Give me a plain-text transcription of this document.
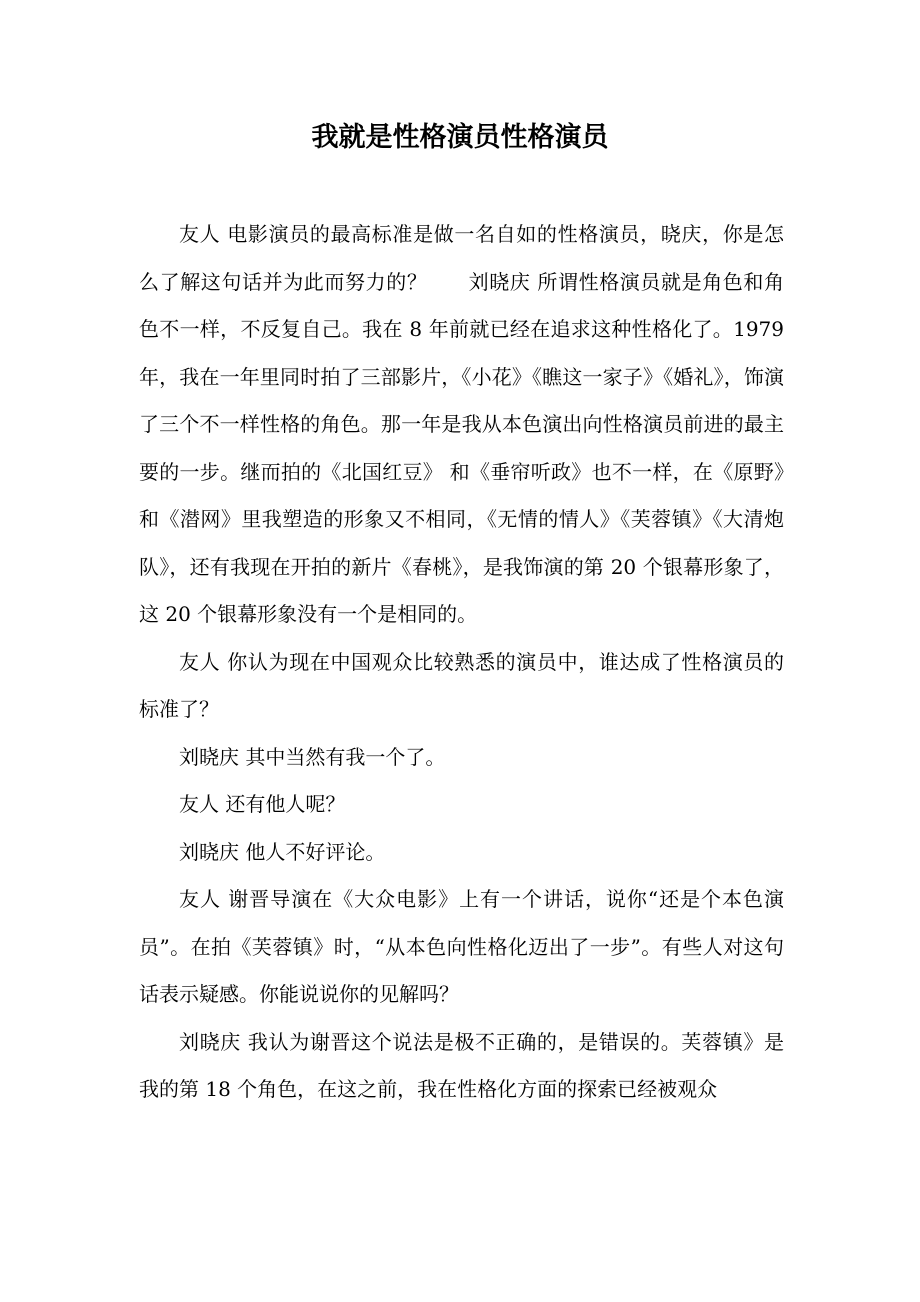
我就是性格演员性格演员

友人 电影演员的最高标准是做一名自如的性格演员，晓庆，你是怎么了解这句话并为此而努力的？　　刘晓庆 所谓性格演员就是角色和角色不一样，不反复自己。我在 8 年前就已经在追求这种性格化了。1979 年，我在一年里同时拍了三部影片，《小花》《瞧这一家子》《婚礼》，饰演了三个不一样性格的角色。那一年是我从本色演出向性格演员前进的最主要的一步。继而拍的《北国红豆》 和《垂帘听政》也不一样，在《原野》和《潜网》里我塑造的形象又不相同，《无情的情人》《芙蓉镇》《大清炮队》，还有我现在开拍的新片《春桃》，是我饰演的第 20 个银幕形象了，这 20 个银幕形象没有一个是相同的。

友人 你认为现在中国观众比较熟悉的演员中，谁达成了性格演员的标准了？

刘晓庆 其中当然有我一个了。

友人 还有他人呢？

刘晓庆 他人不好评论。

友人 谢晋导演在《大众电影》上有一个讲话，说你“还是个本色演员”。在拍《芙蓉镇》时，“从本色向性格化迈出了一步”。有些人对这句话表示疑感。你能说说你的见解吗？

刘晓庆 我认为谢晋这个说法是极不正确的，是错误的。芙蓉镇》是我的第 18 个角色，在这之前，我在性格化方面的探索已经被观众
